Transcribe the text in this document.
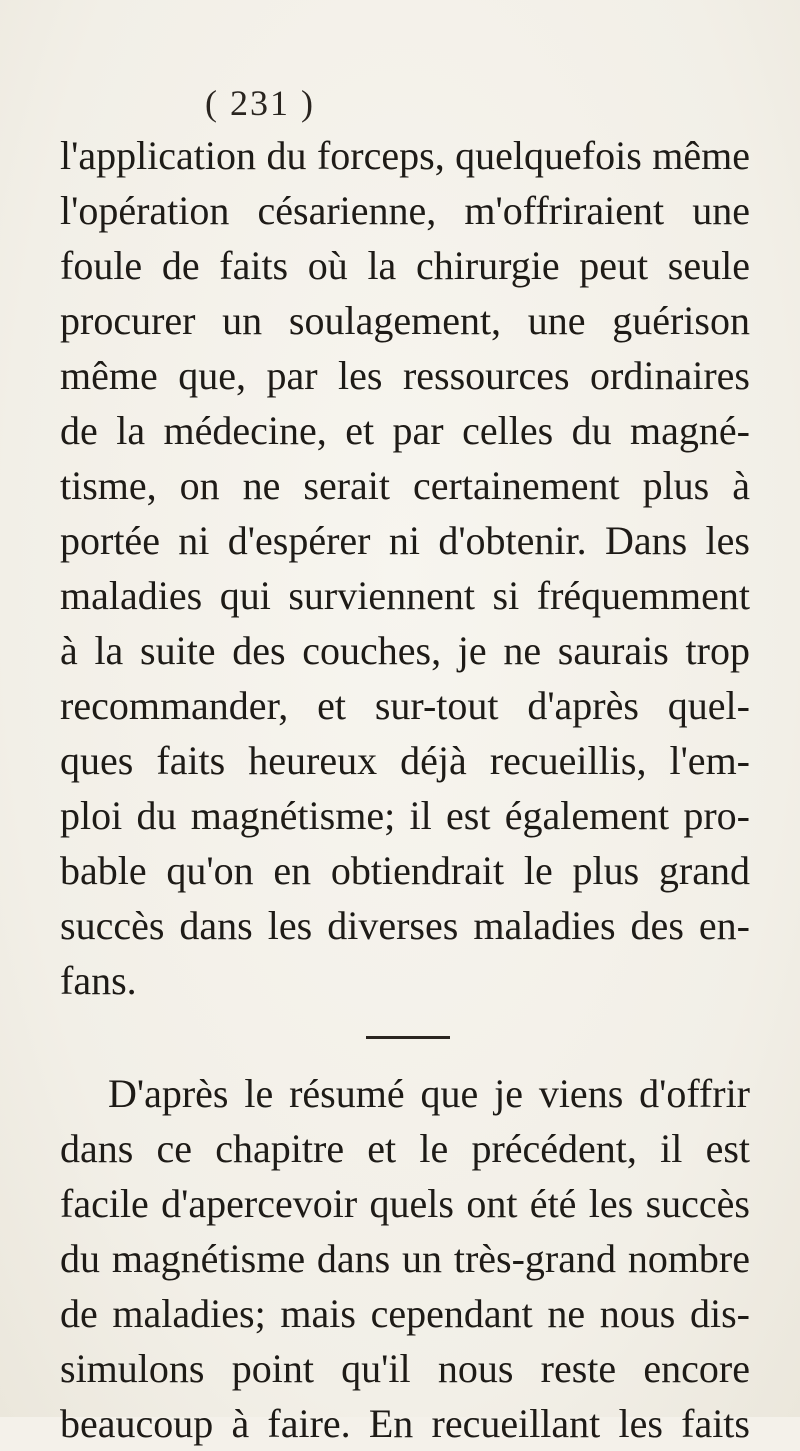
( 231 )
l'application du forceps, quelquefois même
l'opération césarienne, m'offriraient une
foule de faits où la chirurgie peut seule
procurer un soulagement, une guérison
même que, par les ressources ordinaires
de la médecine, et par celles du magné-
tisme, on ne serait certainement plus à
portée ni d'espérer ni d'obtenir. Dans les
maladies qui surviennent si fréquemment
à la suite des couches, je ne saurais trop
recommander, et sur-tout d'après quel-
ques faits heureux déjà recueillis, l'em-
ploi du magnétisme; il est également pro-
bable qu'on en obtiendrait le plus grand
succès dans les diverses maladies des en-
fans.
D'après le résumé que je viens d'offrir
dans ce chapitre et le précédent, il est
facile d'apercevoir quels ont été les succès
du magnétisme dans un très-grand nombre
de maladies; mais cependant ne nous dis-
simulons point qu'il nous reste encore
beaucoup à faire. En recueillant les faits
